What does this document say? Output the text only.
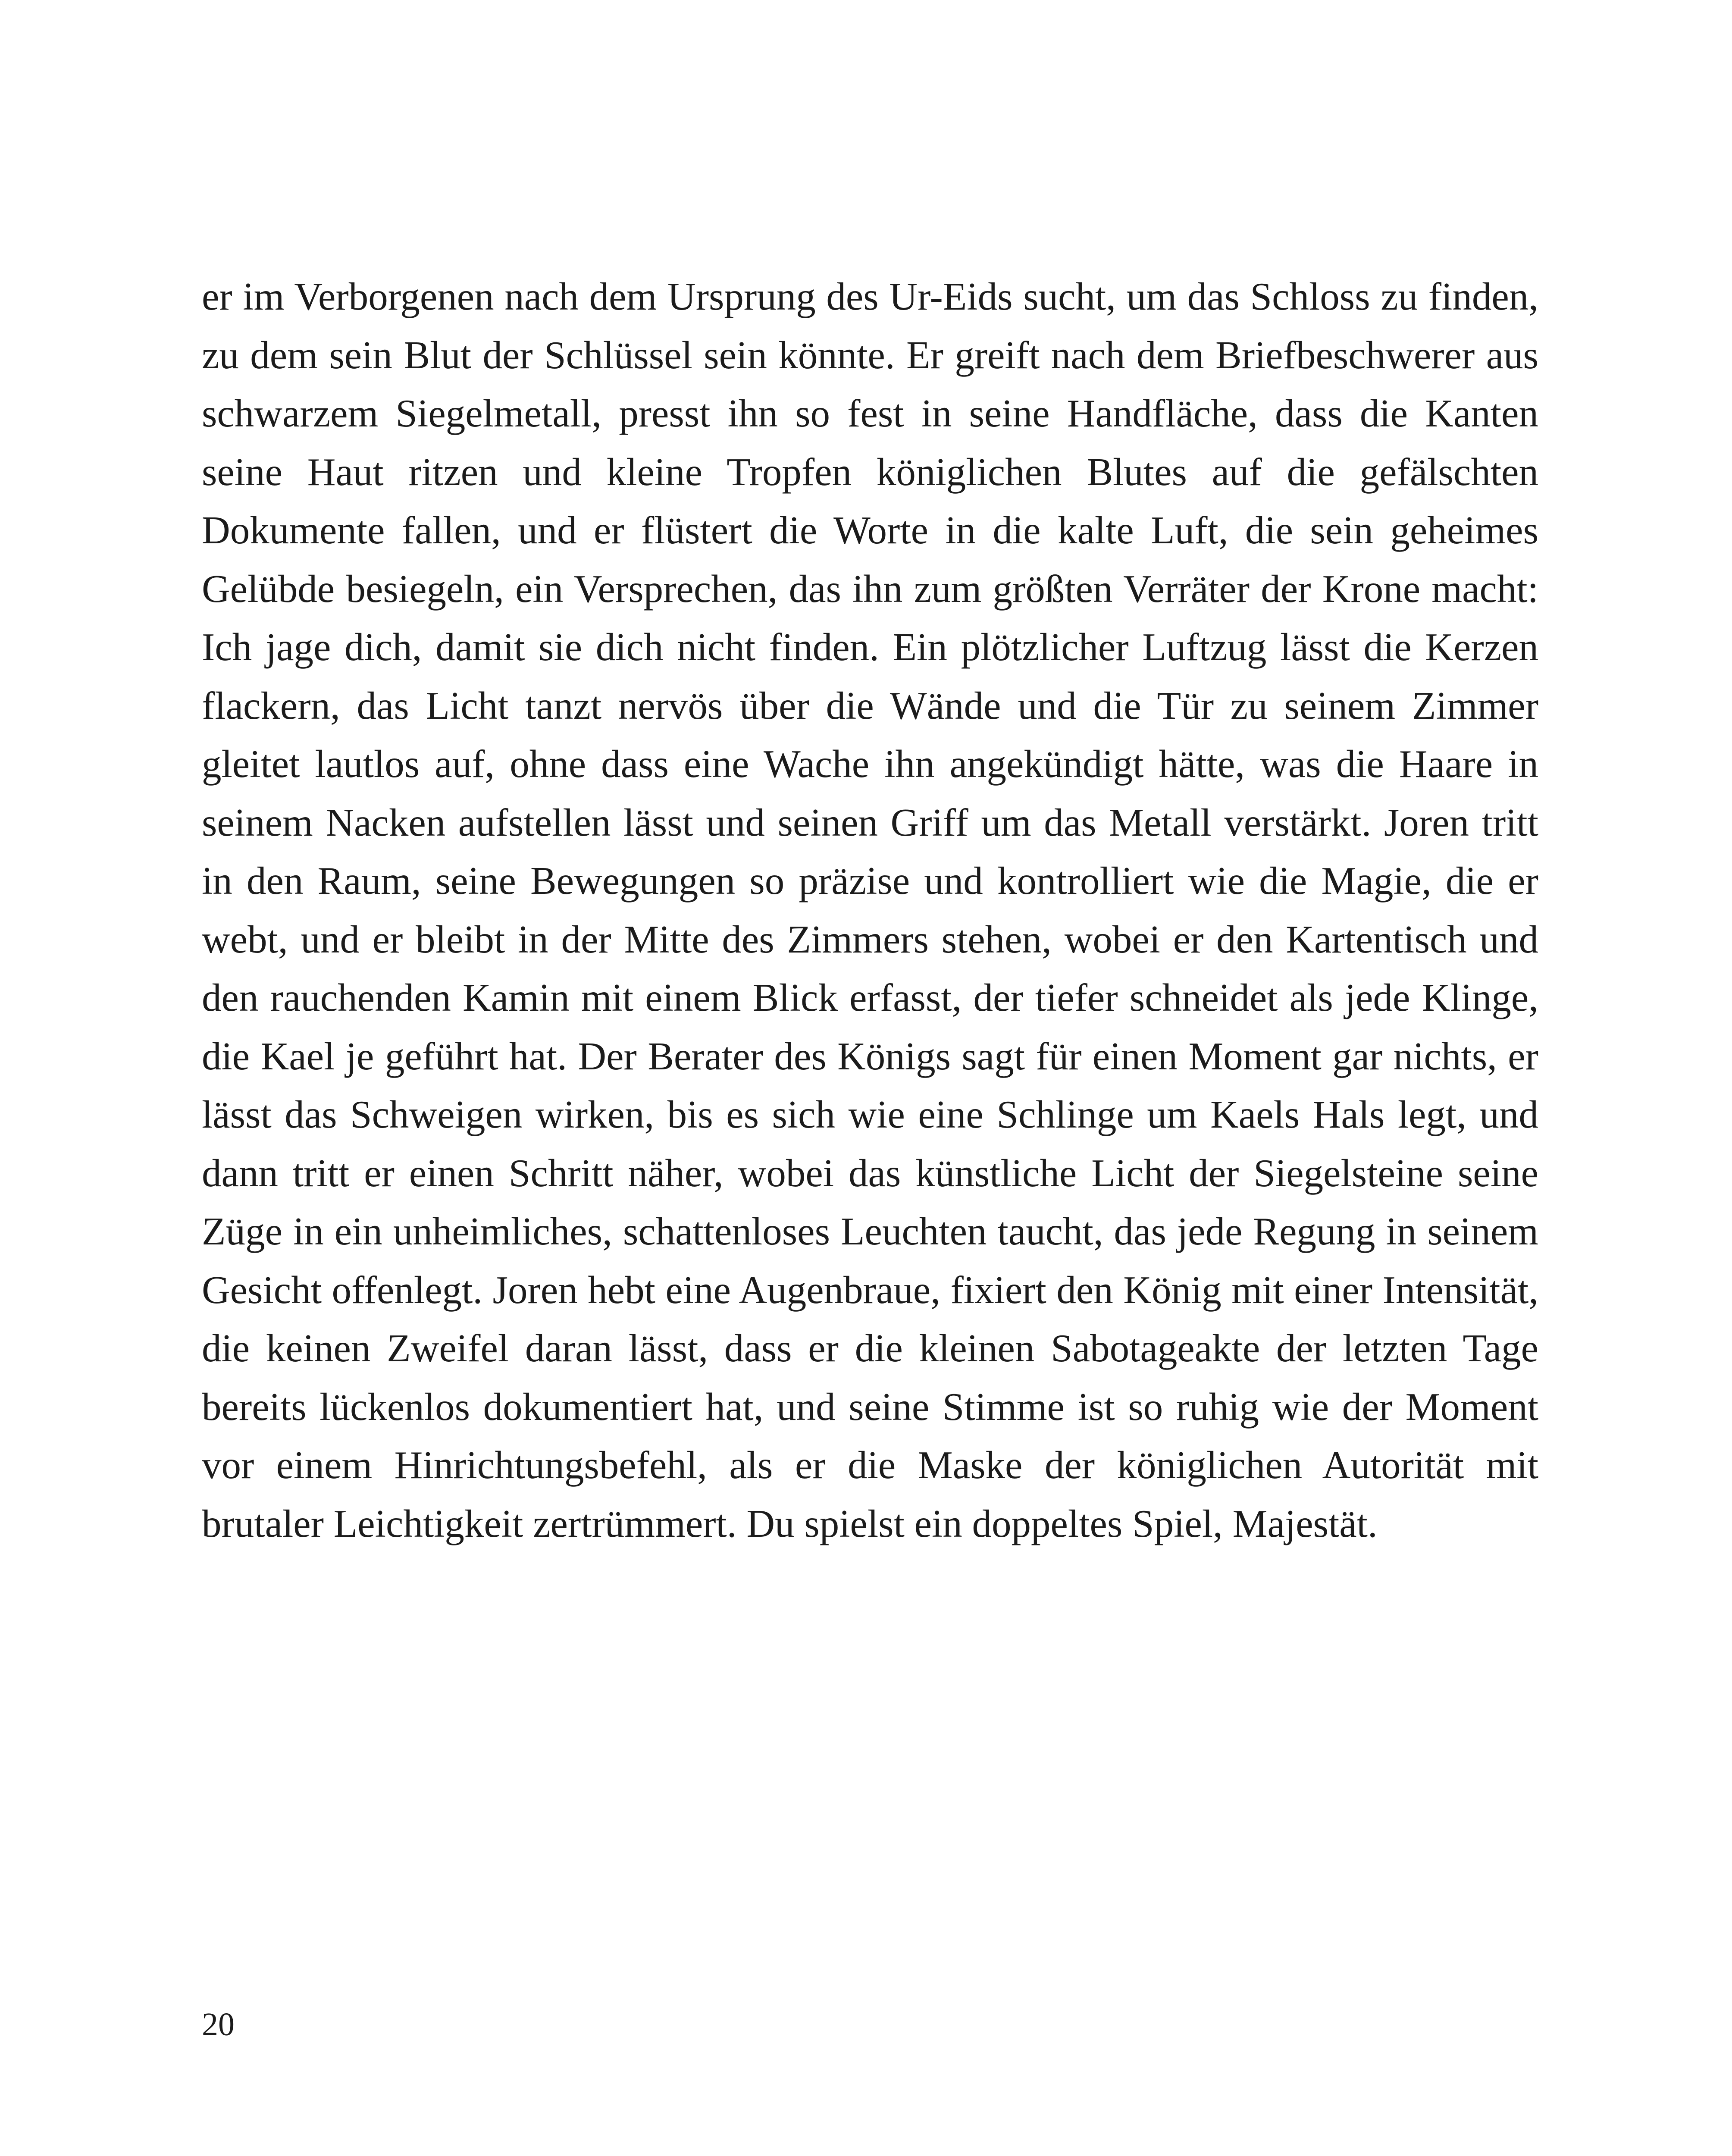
er im Verborgenen nach dem Ursprung des Ur-Eids sucht, um das Schloss zu finden, zu dem sein Blut der Schlüssel sein könnte. Er greift nach dem Briefbeschwerer aus schwarzem Siegelmetall, presst ihn so fest in seine Handfläche, dass die Kanten seine Haut ritzen und kleine Tropfen königlichen Blutes auf die gefälschten Dokumente fallen, und er flüstert die Worte in die kalte Luft, die sein geheimes Gelübde besiegeln, ein Versprechen, das ihn zum größten Verräter der Krone macht: Ich jage dich, damit sie dich nicht finden. Ein plötzlicher Luftzug lässt die Kerzen flackern, das Licht tanzt nervös über die Wände und die Tür zu seinem Zimmer gleitet lautlos auf, ohne dass eine Wache ihn angekündigt hätte, was die Haare in seinem Nacken aufstellen lässt und seinen Griff um das Metall verstärkt. Joren tritt in den Raum, seine Bewegungen so präzise und kontrolliert wie die Magie, die er webt, und er bleibt in der Mitte des Zimmers stehen, wobei er den Kartentisch und den rauchenden Kamin mit einem Blick erfasst, der tiefer schneidet als jede Klinge, die Kael je geführt hat. Der Berater des Königs sagt für einen Moment gar nichts, er lässt das Schweigen wirken, bis es sich wie eine Schlinge um Kaels Hals legt, und dann tritt er einen Schritt näher, wobei das künstliche Licht der Siegelsteine seine Züge in ein unheimliches, schattenloses Leuchten taucht, das jede Regung in seinem Gesicht offenlegt. Joren hebt eine Augenbraue, fixiert den König mit einer Intensität, die keinen Zweifel daran lässt, dass er die kleinen Sabotageakte der letzten Tage bereits lückenlos dokumentiert hat, und seine Stimme ist so ruhig wie der Moment vor einem Hinrichtungsbefehl, als er die Maske der königlichen Autorität mit brutaler Leichtigkeit zertrümmert. Du spielst ein doppeltes Spiel, Majestät.

20
